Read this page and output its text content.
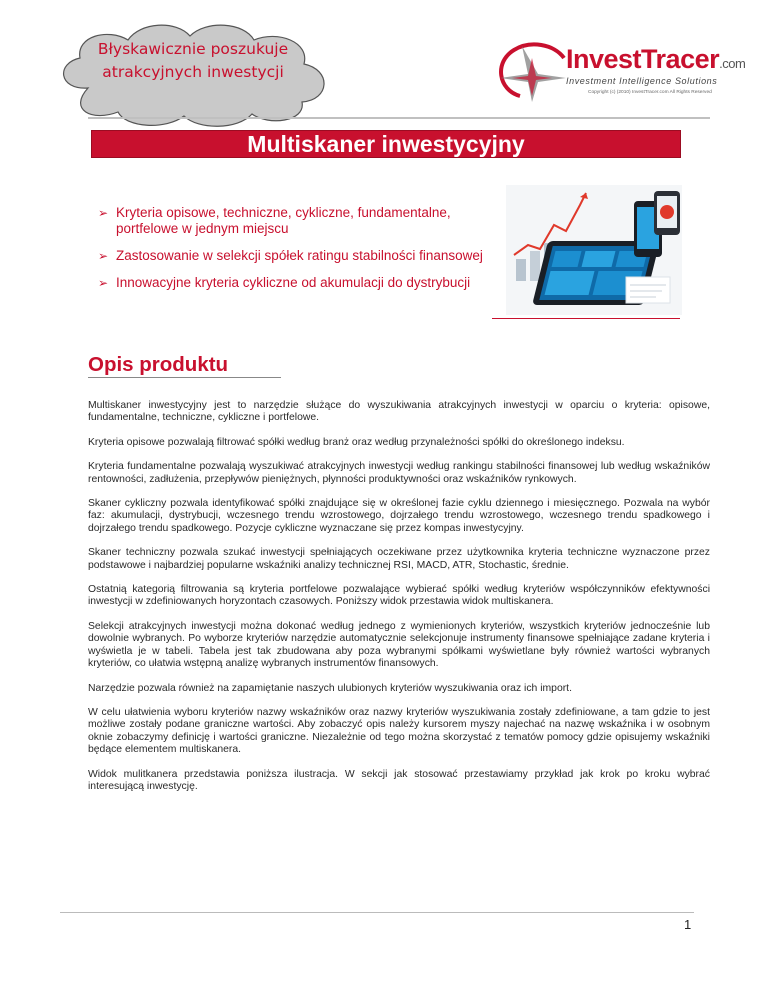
Błyskawicznie poszukuje
atrakcyjnych inwestycji	InvestTracer.com
Investment Intelligence Solutions
Copyright (c) (2010) InvestTracer.com All Rights Reserved
Multiskaner inwestycyjny
➢ Kryteria opisowe, techniczne, cykliczne, fundamentalne, portfelowe w jednym miejscu
➢ Zastosowanie w selekcji spółek ratingu stabilności finansowej
➢ Innowacyjne kryteria cykliczne od akumulacji do dystrybucji
Opis produktu

Multiskaner inwestycyjny jest to narzędzie służące do wyszukiwania atrakcyjnych inwestycji w oparciu o kryteria: opisowe, fundamentalne, techniczne, cykliczne i portfelowe.

Kryteria opisowe pozwalają filtrować spółki według branż oraz według przynależności spółki do określonego indeksu.

Kryteria fundamentalne pozwalają wyszukiwać atrakcyjnych inwestycji według rankingu stabilności finansowej lub według wskaźników rentowności, zadłużenia, przepływów pieniężnych, płynności produktywności oraz wskaźników rynkowych.

Skaner cykliczny pozwala identyfikować spółki znajdujące się w określonej fazie cyklu dziennego i miesięcznego. Pozwala na wybór faz: akumulacji, dystrybucji, wczesnego trendu wzrostowego, dojrzałego trendu wzrostowego, wczesnego trendu spadkowego i dojrzałego trendu spadkowego. Pozycje cykliczne wyznaczane się przez kompas inwestycyjny.

Skaner techniczny pozwala szukać inwestycji spełniających oczekiwane przez użytkownika kryteria techniczne wyznaczone przez podstawowe i najbardziej popularne wskaźniki analizy technicznej RSI, MACD, ATR, Stochastic, średnie.

Ostatnią kategorią filtrowania są kryteria portfelowe pozwalające wybierać spółki według kryteriów współczynników efektywności inwestycji w zdefiniowanych horyzontach czasowych. Poniższy widok przestawia widok multiskanera.

Selekcji atrakcyjnych inwestycji można dokonać według jednego z wymienionych kryteriów, wszystkich kryteriów jednocześnie lub dowolnie wybranych. Po wyborze kryteriów narzędzie automatycznie selekcjonuje instrumenty finansowe spełniające zadane kryteria i wyświetla je w tabeli. Tabela jest tak zbudowana aby poza wybranymi spółkami wyświetlane były również wartości wybranych kryteriów, co ułatwia wstępną analizę wybranych instrumentów finansowych.

Narzędzie pozwala również na zapamiętanie naszych ulubionych kryteriów wyszukiwania oraz ich import.

W celu ułatwienia wyboru kryteriów nazwy wskaźników oraz nazwy kryteriów wyszukiwania zostały zdefiniowane, a tam gdzie to jest możliwe zostały podane graniczne wartości. Aby zobaczyć opis należy kursorem myszy najechać na nazwę wskaźnika i w osobnym oknie zobaczymy definicję i wartości graniczne. Niezależnie od tego można skorzystać z tematów pomocy gdzie opisujemy wskaźniki będące elementem multiskanera.

Widok mulitkanera przedstawia poniższa ilustracja. W sekcji jak stosować przestawiamy przykład jak krok po kroku wybrać interesującą inwestycję.

1
